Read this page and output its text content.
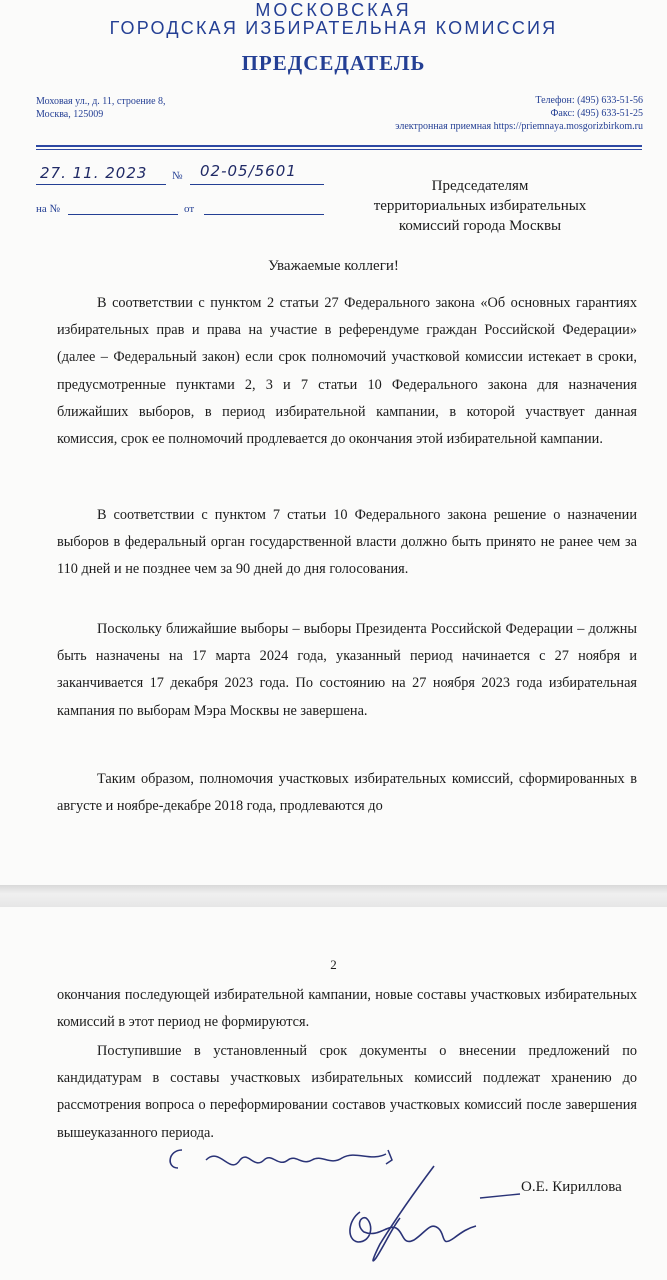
МОСКОВСКАЯ
ГОРОДСКАЯ ИЗБИРАТЕЛЬНАЯ КОМИССИЯ
ПРЕДСЕДАТЕЛЬ
Моховая ул., д. 11, строение 8,
Москва, 125009
Телефон: (495) 633-51-56
Факс: (495) 633-51-25
электронная приемная https://priemnaya.mosgorizbirkom.ru
27. 11. 2023 № 02-05/5601
на №	от
Председателям
территориальных избирательных
комиссий города Москвы
Уважаемые коллеги!
В соответствии с пунктом 2 статьи 27 Федерального закона «Об основных гарантиях избирательных прав и права на участие в референдуме граждан Российской Федерации» (далее – Федеральный закон) если срок полномочий участковой комиссии истекает в сроки, предусмотренные пунктами 2, 3 и 7 статьи 10 Федерального закона для назначения ближайших выборов, в период избирательной кампании, в которой участвует данная комиссия, срок ее полномочий продлевается до окончания этой избирательной кампании.
В соответствии с пунктом 7 статьи 10 Федерального закона решение о назначении выборов в федеральный орган государственной власти должно быть принято не ранее чем за 110 дней и не позднее чем за 90 дней до дня голосования.
Поскольку ближайшие выборы – выборы Президента Российской Федерации – должны быть назначены на 17 марта 2024 года, указанный период начинается с 27 ноября и заканчивается 17 декабря 2023 года. По состоянию на 27 ноября 2023 года избирательная кампания по выборам Мэра Москвы не завершена.
Таким образом, полномочия участковых избирательных комиссий, сформированных в августе и ноябре-декабре 2018 года, продлеваются до
2
окончания последующей избирательной кампании, новые составы участковых избирательных комиссий в этот период не формируются.
Поступившие в установленный срок документы о внесении предложений по кандидатурам в составы участковых избирательных комиссий подлежат хранению до рассмотрения вопроса о переформировании составов участковых комиссий после завершения вышеуказанного периода.
О.Е. Кириллова
